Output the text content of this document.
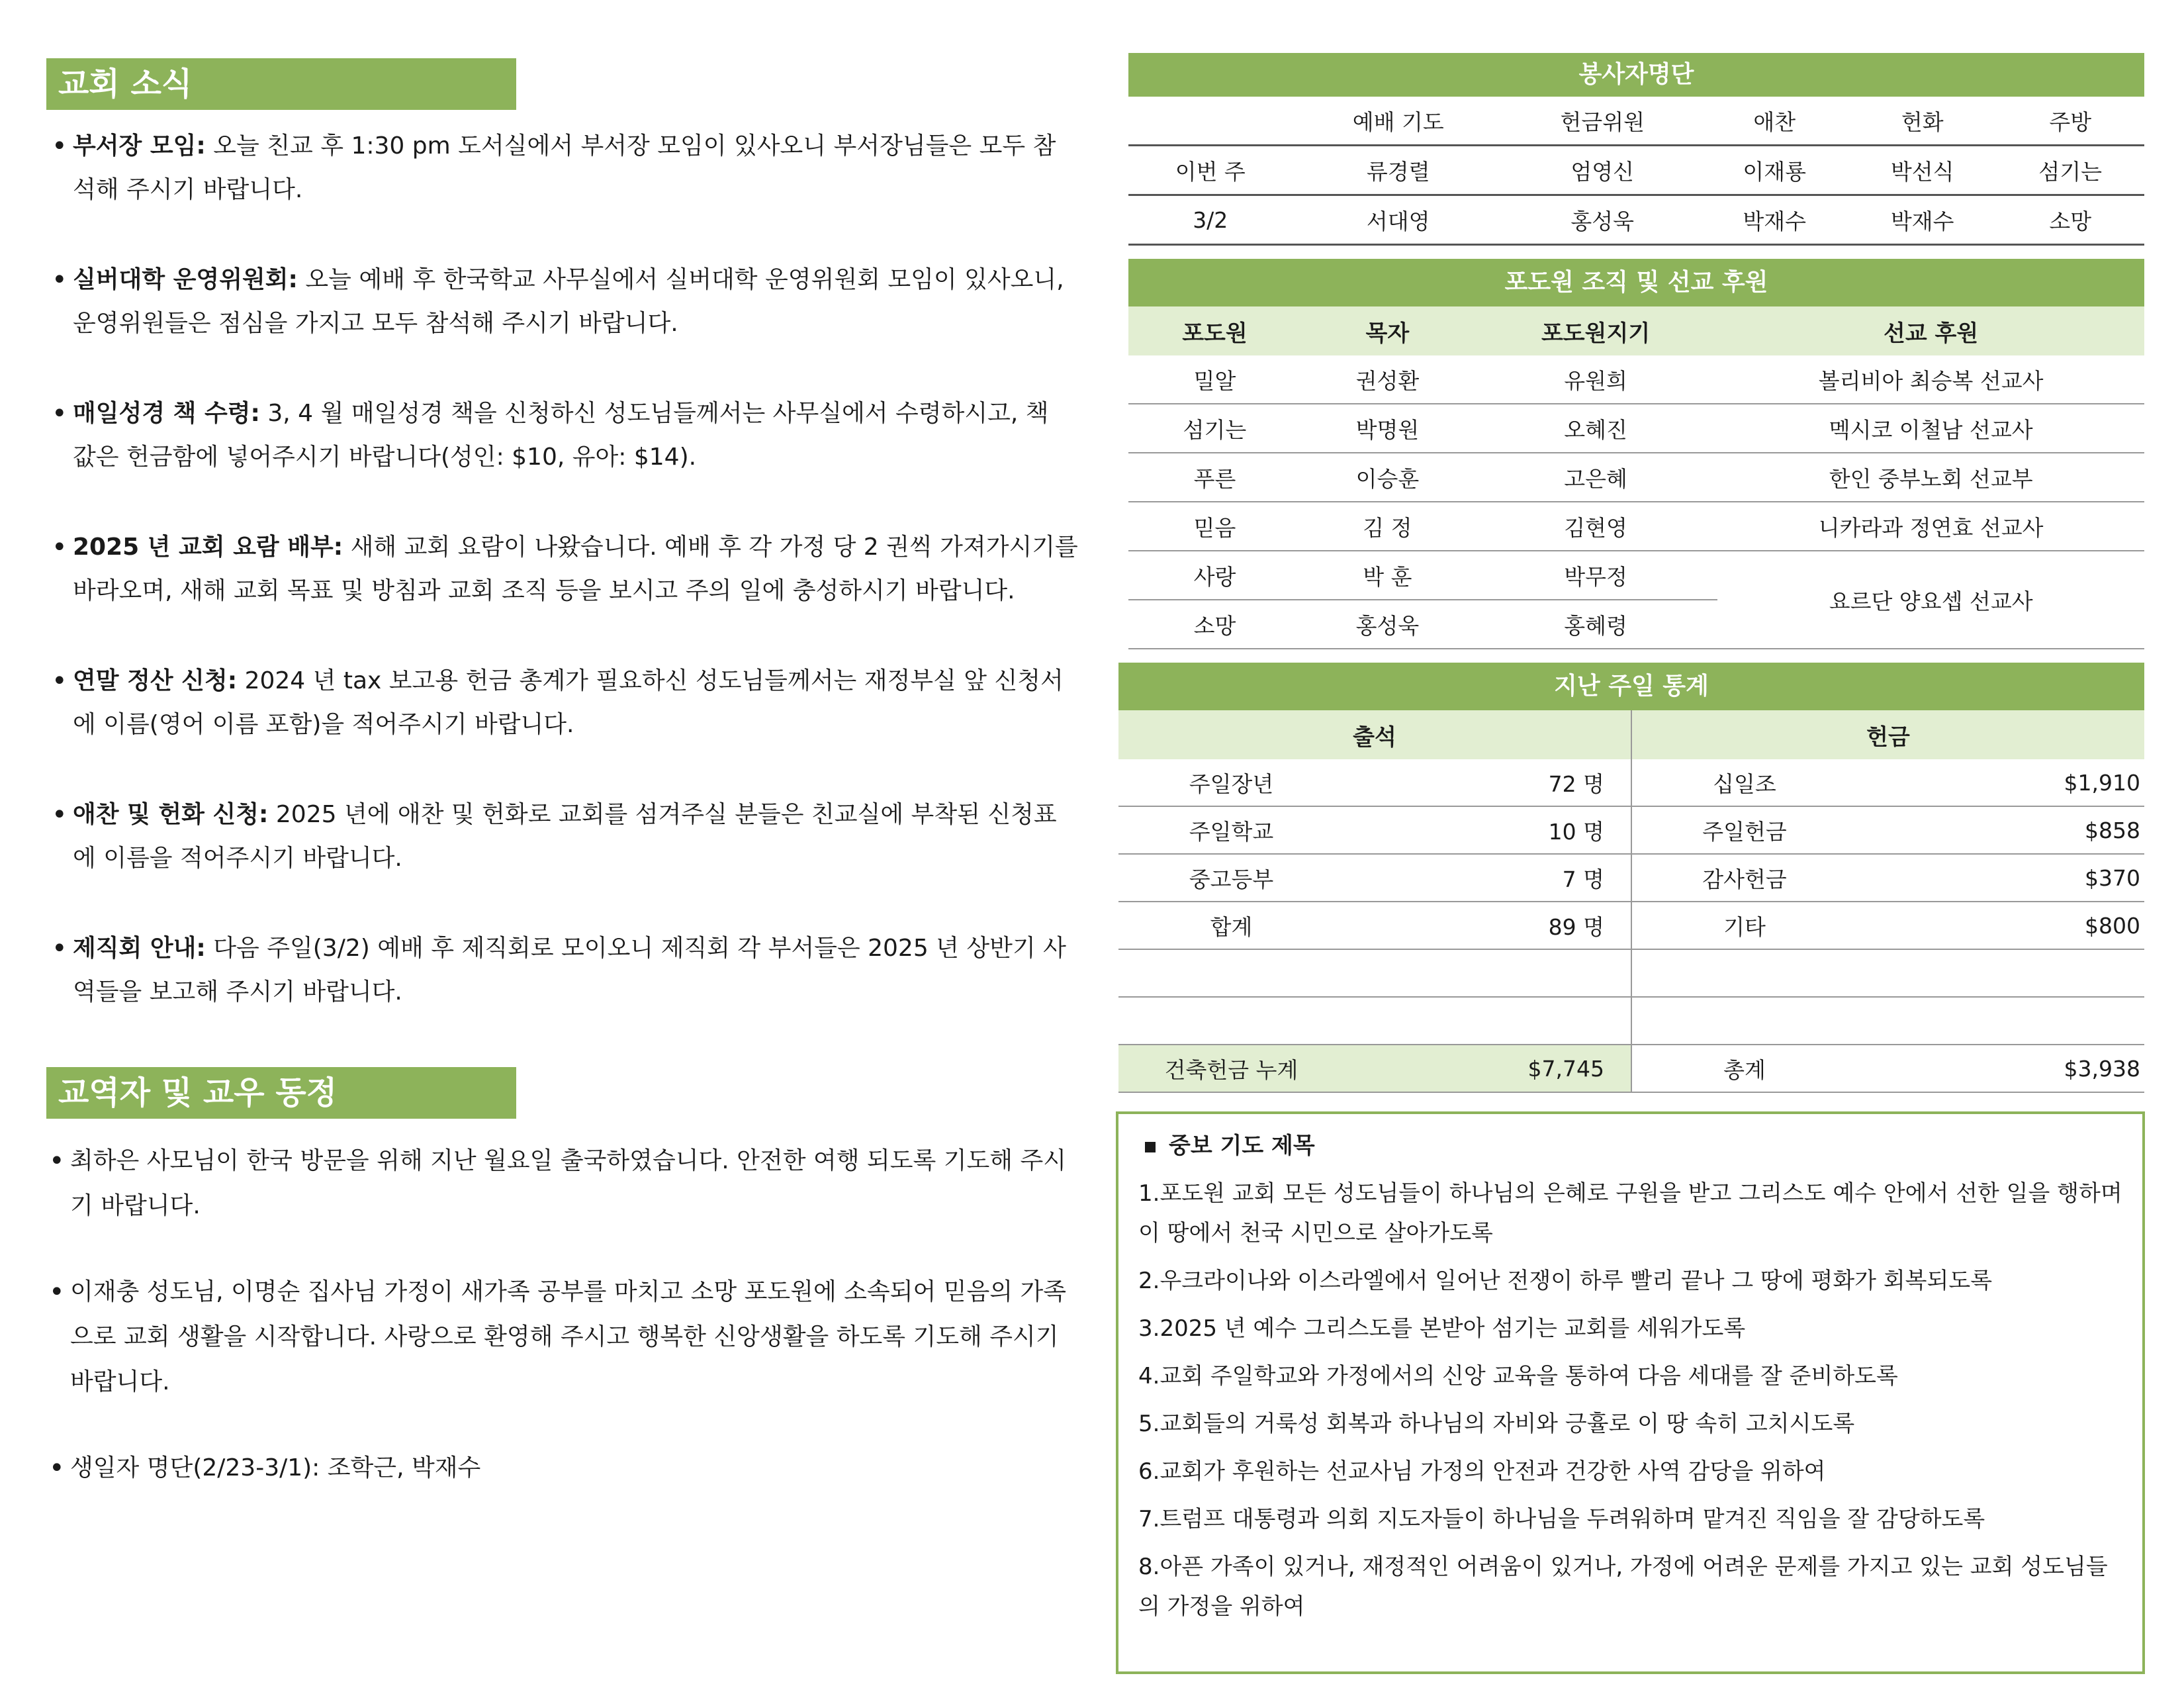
교회 소식
• 부서장 모임: 오늘 친교 후 1:30 pm 도서실에서 부서장 모임이 있사오니 부서장님들은 모두 참석해 주시기 바랍니다.
• 실버대학 운영위원회: 오늘 예배 후 한국학교 사무실에서 실버대학 운영위원회 모임이 있사오니, 운영위원들은 점심을 가지고 모두 참석해 주시기 바랍니다.
• 매일성경 책 수령: 3, 4 월 매일성경 책을 신청하신 성도님들께서는 사무실에서 수령하시고, 책 값은 헌금함에 넣어주시기 바랍니다(성인: $10, 유아: $14).
• 2025 년 교회 요람 배부: 새해 교회 요람이 나왔습니다. 예배 후 각 가정 당 2 권씩 가져가시기를 바라오며, 새해 교회 목표 및 방침과 교회 조직 등을 보시고 주의 일에 충성하시기 바랍니다.
• 연말 정산 신청: 2024 년 tax 보고용 헌금 총계가 필요하신 성도님들께서는 재정부실 앞 신청서에 이름(영어 이름 포함)을 적어주시기 바랍니다.
• 애찬 및 헌화 신청: 2025 년에 애찬 및 헌화로 교회를 섬겨주실 분들은 친교실에 부착된 신청표에 이름을 적어주시기 바랍니다.
• 제직회 안내: 다음 주일(3/2) 예배 후 제직회로 모이오니 제직회 각 부서들은 2025 년 상반기 사역들을 보고해 주시기 바랍니다.
교역자 및 교우 동정
• 최하은 사모님이 한국 방문을 위해 지난 월요일 출국하였습니다. 안전한 여행 되도록 기도해 주시기 바랍니다.
• 이재충 성도님, 이명순 집사님 가정이 새가족 공부를 마치고 소망 포도원에 소속되어 믿음의 가족으로 교회 생활을 시작합니다. 사랑으로 환영해 주시고 행복한 신앙생활을 하도록 기도해 주시기 바랍니다.
• 생일자 명단(2/23-3/1): 조학근, 박재수
봉사자명단
	예배 기도	헌금위원	애찬	헌화	주방
이번 주	류경렬	엄영신	이재룡	박선식	섬기는
3/2	서대영	홍성욱	박재수	박재수	소망
포도원 조직 및 선교 후원
포도원	목자	포도원지기	선교 후원
밀알	권성환	유원희	볼리비아 최승복 선교사
섬기는	박명원	오혜진	멕시코 이철남 선교사
푸른	이승훈	고은혜	한인 중부노회 선교부
믿음	김 정	김현영	니카라과 정연효 선교사
사랑	박 훈	박무정	요르단 양요셉 선교사
소망	홍성욱	홍혜령	
지난 주일 통계
출석		헌금	
주일장년	72 명	십일조	$1,910
주일학교	10 명	주일헌금	$858
중고등부	7 명	감사헌금	$370
합계	89 명	기타	$800

건축헌금 누계	$7,745	총계	$3,938
중보 기도 제목
1.포도원 교회 모든 성도님들이 하나님의 은혜로 구원을 받고 그리스도 예수 안에서 선한 일을 행하며 이 땅에서 천국 시민으로 살아가도록
2.우크라이나와 이스라엘에서 일어난 전쟁이 하루 빨리 끝나 그 땅에 평화가 회복되도록
3.2025 년 예수 그리스도를 본받아 섬기는 교회를 세워가도록
4.교회 주일학교와 가정에서의 신앙 교육을 통하여 다음 세대를 잘 준비하도록
5.교회들의 거룩성 회복과 하나님의 자비와 긍휼로 이 땅 속히 고치시도록
6.교회가 후원하는 선교사님 가정의 안전과 건강한 사역 감당을 위하여
7.트럼프 대통령과 의회 지도자들이 하나님을 두려워하며 맡겨진 직임을 잘 감당하도록
8.아픈 가족이 있거나, 재정적인 어려움이 있거나, 가정에 어려운 문제를 가지고 있는 교회 성도님들의 가정을 위하여
